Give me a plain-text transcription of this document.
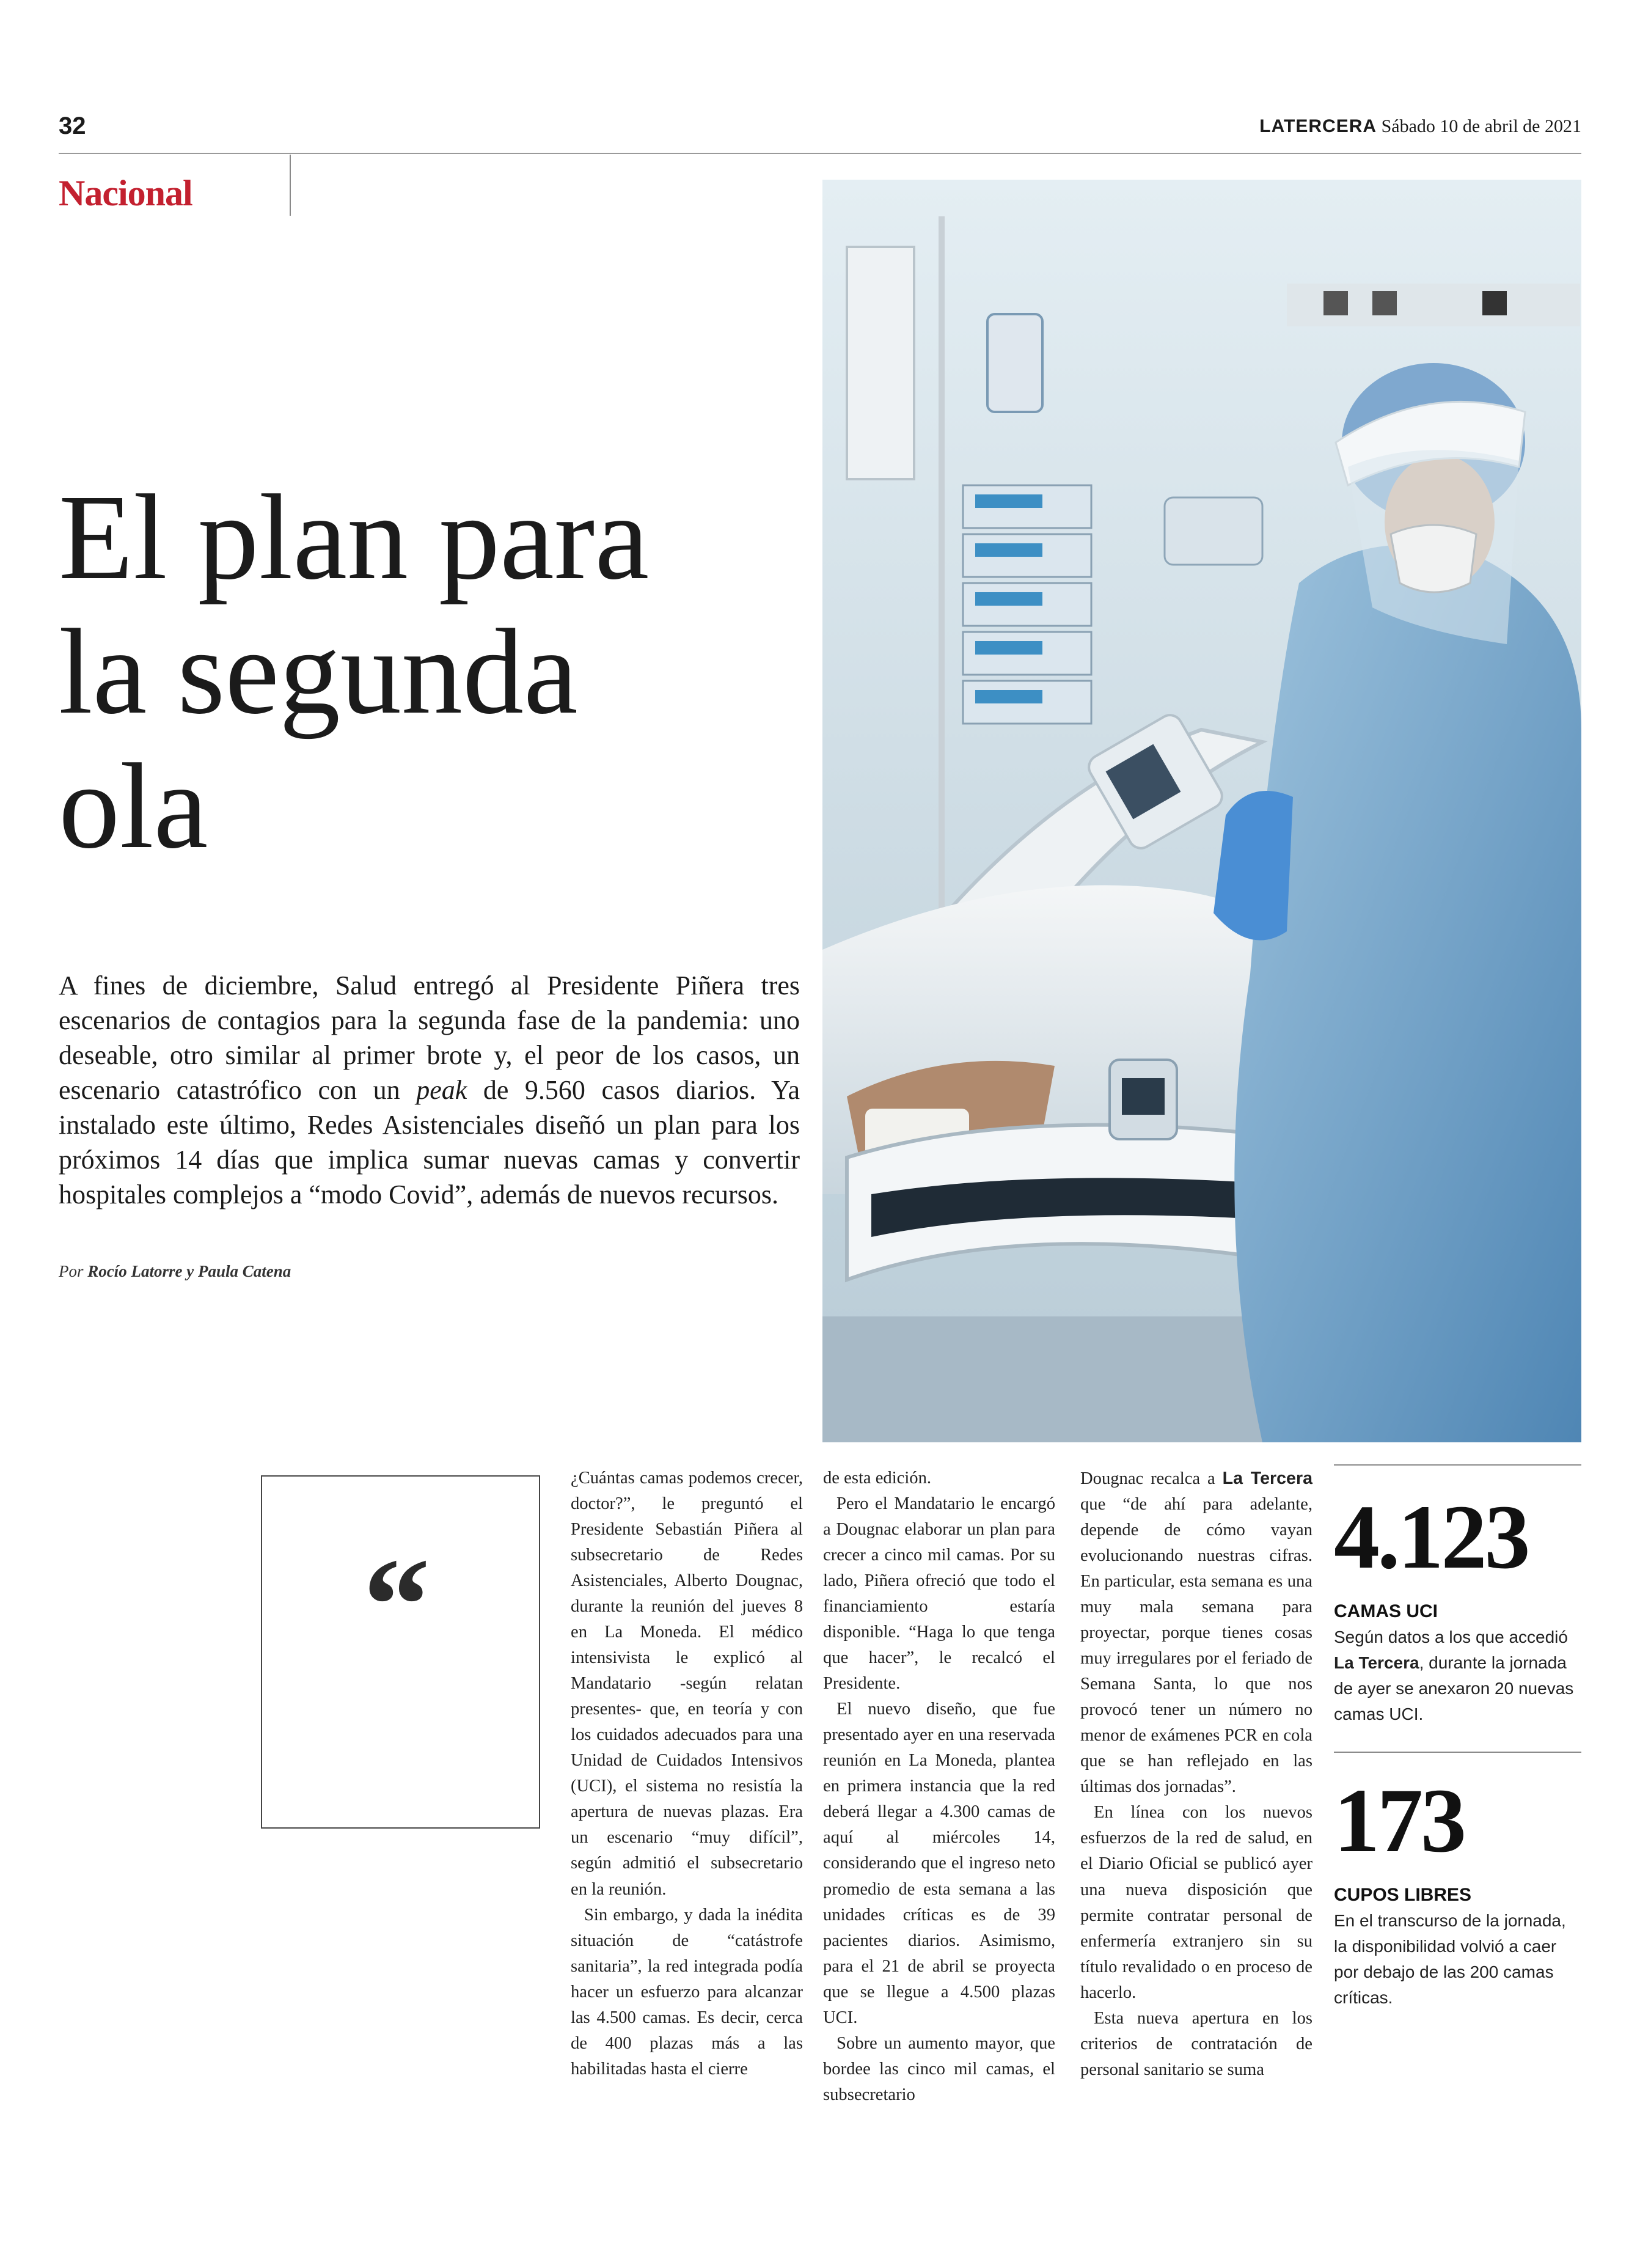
32	LATERCERA Sábado 10 de abril de 2021
Nacional
El plan para
la segunda
ola

A fines de diciembre, Salud entregó al Presidente Piñera tres escenarios de contagios para la segunda fase de la pandemia: uno deseable, otro similar al primer brote y, el peor de los casos, un escenario catastrófico con un peak de 9.560 casos diarios. Ya instalado este último, Redes Asistenciales diseñó un plan para los próximos 14 días que implica sumar nuevas camas y convertir hospitales complejos a “modo Covid”, además de nuevos recursos.

Por Rocío Latorre y Paula Catena
“

¿Cuántas camas podemos crecer, doctor?”, le preguntó el Presidente Sebastián Piñera al subsecretario de Redes Asistenciales, Alberto Dougnac, durante la reunión del jueves 8 en La Moneda. El médico intensivista le explicó al Mandatario -según relatan presentes- que, en teoría y con los cuidados adecuados para una Unidad de Cuidados Intensivos (UCI), el sistema no resistía la apertura de nuevas plazas. Era un escenario “muy difícil”, según admitió el subsecretario en la reunión.

Sin embargo, y dada la inédita situación de “catástrofe sanitaria”, la red integrada podía hacer un esfuerzo para alcanzar las 4.500 camas. Es decir, cerca de 400 plazas más a las habilitadas hasta el cierre

de esta edición.

Pero el Mandatario le encargó a Dougnac elaborar un plan para crecer a cinco mil camas. Por su lado, Piñera ofreció que todo el financiamiento estaría disponible. “Haga lo que tenga que hacer”, le recalcó el Presidente.

El nuevo diseño, que fue presentado ayer en una reservada reunión en La Moneda, plantea en primera instancia que la red deberá llegar a 4.300 camas de aquí al miércoles 14, considerando que el ingreso neto promedio de esta semana a las unidades críticas es de 39 pacientes diarios. Asimismo, para el 21 de abril se proyecta que se llegue a 4.500 plazas UCI.

Sobre un aumento mayor, que bordee las cinco mil camas, el subsecretario

Dougnac recalca a La Tercera que “de ahí para adelante, depende de cómo vayan evolucionando nuestras cifras. En particular, esta semana es una muy mala semana para proyectar, porque tienes cosas muy irregulares por el feriado de Semana Santa, lo que nos provocó tener un número no menor de exámenes PCR en cola que se han reflejado en las últimas dos jornadas”.

En línea con los nuevos esfuerzos de la red de salud, en el Diario Oficial se publicó ayer una nueva disposición que permite contratar personal de enfermería extranjero sin su título revalidado o en proceso de hacerlo.

Esta nueva apertura en los criterios de contratación de personal sanitario se suma

4.123
CAMAS UCI
Según datos a los que accedió La Tercera, durante la jornada de ayer se anexaron 20 nuevas camas UCI.
173
CUPOS LIBRES
En el transcurso de la jornada, la disponibilidad volvió a caer por debajo de las 200 camas críticas.
